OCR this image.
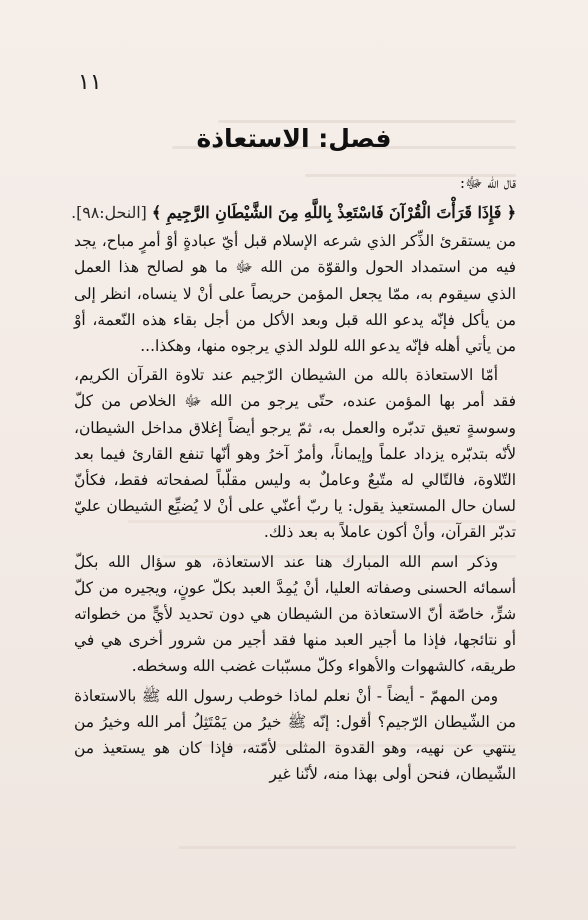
١١
فصل: الاستعاذة

قال الله ﷻ:

﴿ فَإِذَا قَرَأْتَ الْقُرْآنَ فَاسْتَعِذْ بِاللَّهِ مِنَ الشَّيْطَانِ الرَّجِيمِ ﴾ [النحل:٩٨].

من يستقرئ الذِّكر الذي شرعه الإسلام قبل أيّ عبادةٍ أوْ أمرٍ مباح، يجد فيه من استمداد الحول والقوّة من الله ﷻ ما هو لصالح هذا العمل الذي سيقوم به، ممّا يجعل المؤمن حريصاً على أنْ لا ينساه، انظر إلى من يأكل فإنّه يدعو الله قبل وبعد الأكل من أجل بقاء هذه النّعمة، أوْ من يأتي أهله فإنّه يدعو الله للولد الذي يرجوه منها، وهكذا...

أمّا الاستعاذة بالله من الشيطان الرّجيم عند تلاوة القرآن الكريم، فقد أمر بها المؤمن عنده، حتّى يرجو من الله ﷻ الخلاص من كلّ وسوسةٍ تعيق تدبّره والعمل به، ثمّ يرجو أيضاً إغلاق مداخل الشيطان، لأنّه بتدبّره يزداد علماً وإيماناً، وأمرٌ آخرُ وهو أنّها تنفع القارئ فيما بعد التّلاوة، فالتّالي له متّبعٌ وعاملٌ به وليس مقلّباً لصفحاته فقط، فكأنّ لسان حال المستعيذ يقول: يا ربّ أعنّي على أنْ لا يُضيِّع الشيطان عليّ تدبّر القرآن، وأنْ أكون عاملاً به بعد ذلك.

وذكر اسم الله المبارك هنا عند الاستعاذة، هو سؤال الله بكلّ أسمائه الحسنى وصفاته العليا، أنْ يُمِدَّ العبد بكلّ عونٍ، ويجيره من كلّ شرٍّ، خاصّة أنّ الاستعاذة من الشيطان هي دون تحديد لأيٍّ من خطواته أو نتائجها، فإذا ما أجير العبد منها فقد أجير من شرور أخرى هي في طريقه، كالشهوات والأهواء وكلّ مسبّبات غضب الله وسخطه.

ومن المهمّ - أيضاً - أنْ نعلم لماذا خوطب رسول الله ﷺ بالاستعاذة من الشّيطان الرّجيم؟ أقول: إنّه ﷺ خيرُ من يَمْتَثِلُ أمر الله وخيرُ من ينتهي عن نهيه، وهو القدوة المثلى لأمّته، فإذا كان هو يستعيذ من الشّيطان، فنحن أولى بهذا منه، لأنّنا غير
